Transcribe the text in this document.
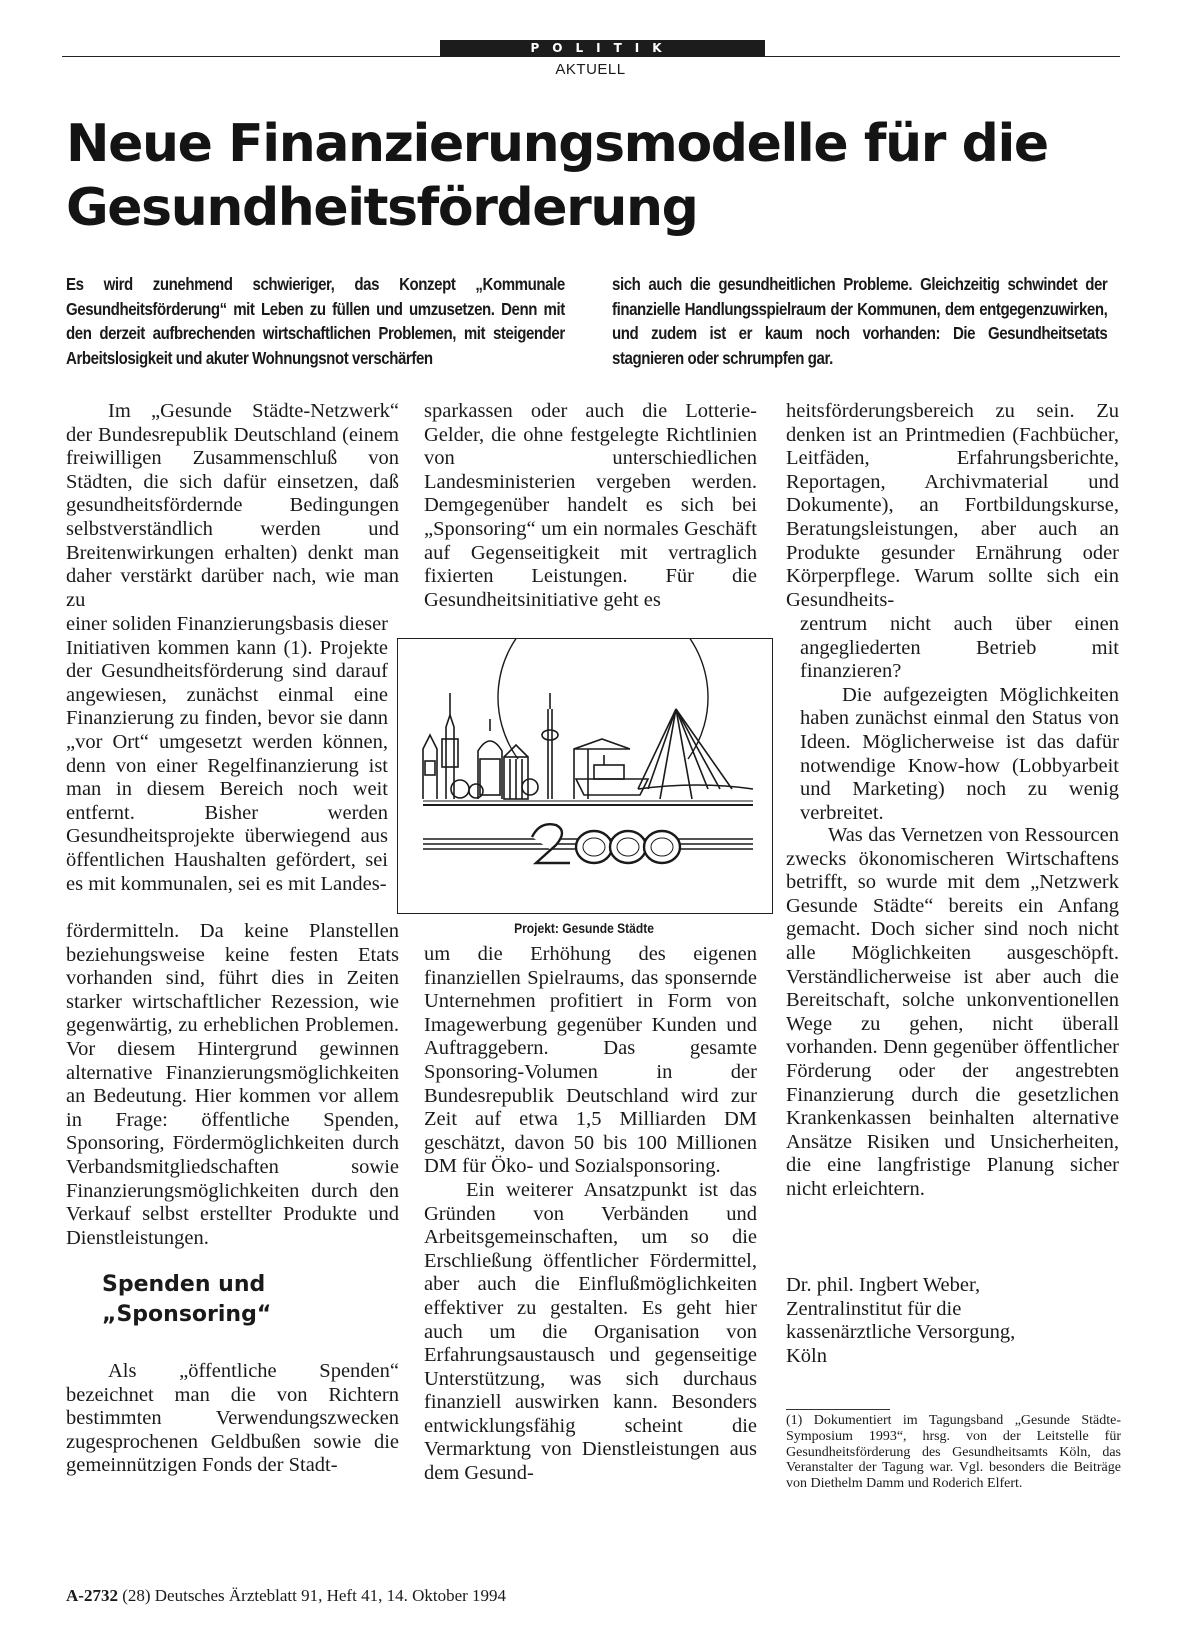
POLITIK
AKTUELL
Neue Finanzierungsmodelle für die Gesundheitsförderung
Es wird zunehmend schwieriger, das Konzept „Kommunale Gesundheitsförderung“ mit Leben zu füllen und umzusetzen. Denn mit den derzeit aufbrechenden wirtschaftlichen Problemen, mit steigender Arbeitslosigkeit und akuter Wohnungsnot verschärfen
sich auch die gesundheitlichen Probleme. Gleichzeitig schwindet der finanzielle Handlungsspielraum der Kommunen, dem entgegenzuwirken, und zudem ist er kaum noch vorhanden: Die Gesundheitsetats stagnieren oder schrumpfen gar.

Im „Gesunde Städte-Netzwerk“ der Bundesrepublik Deutschland (einem freiwilligen Zusammenschluß von Städten, die sich dafür einsetzen, daß gesundheitsfördernde Bedingungen selbstverständlich werden und Breitenwirkungen erhalten) denkt man daher verstärkt darüber nach, wie man zu

einer soliden Finanzierungsbasis dieser Initiativen kommen kann (1). Projekte der Gesundheitsförderung sind darauf angewiesen, zunächst einmal eine Finanzierung zu finden, bevor sie dann „vor Ort“ umgesetzt werden können, denn von einer Regelfinanzierung ist man in diesem Bereich noch weit entfernt. Bisher werden Gesundheitsprojekte überwiegend aus öffentlichen Haushalten gefördert, sei es mit kommunalen, sei es mit Landes-

fördermitteln. Da keine Planstellen beziehungsweise keine festen Etats vorhanden sind, führt dies in Zeiten starker wirtschaftlicher Rezession, wie gegenwärtig, zu erheblichen Problemen. Vor diesem Hintergrund gewinnen alternative Finanzierungsmöglichkeiten an Bedeutung. Hier kommen vor allem in Frage: öffentliche Spenden, Sponsoring, Fördermöglichkeiten durch Verbandsmitgliedschaften sowie Finanzierungsmöglichkeiten durch den Verkauf selbst erstellter Produkte und Dienstleistungen.

Spenden und „Sponsoring“

Als „öffentliche Spenden“ bezeichnet man die von Richtern bestimmten Verwendungszwecken zugesprochenen Geldbußen sowie die gemeinnützigen Fonds der Stadt-

sparkassen oder auch die Lotterie-Gelder, die ohne festgelegte Richtlinien von unterschiedlichen Landesministerien vergeben werden. Demgegenüber handelt es sich bei „Sponsoring“ um ein normales Geschäft auf Gegenseitigkeit mit vertraglich fixierten Leistungen. Für die Gesundheitsinitiative geht es

Projekt: Gesunde Städte

um die Erhöhung des eigenen finanziellen Spielraums, das sponsernde Unternehmen profitiert in Form von Imagewerbung gegenüber Kunden und Auftraggebern. Das gesamte Sponsoring-Volumen in der Bundesrepublik Deutschland wird zur Zeit auf etwa 1,5 Milliarden DM geschätzt, davon 50 bis 100 Millionen DM für Öko- und Sozialsponsoring.

Ein weiterer Ansatzpunkt ist das Gründen von Verbänden und Arbeitsgemeinschaften, um so die Erschließung öffentlicher Fördermittel, aber auch die Einflußmöglichkeiten effektiver zu gestalten. Es geht hier auch um die Organisation von Erfahrungsaustausch und gegenseitige Unterstützung, was sich durchaus finanziell auswirken kann. Besonders entwicklungsfähig scheint die Vermarktung von Dienstleistungen aus dem Gesund-

heitsförderungsbereich zu sein. Zu denken ist an Printmedien (Fachbücher, Leitfäden, Erfahrungsberichte, Reportagen, Archivmaterial und Dokumente), an Fortbildungskurse, Beratungsleistungen, aber auch an Produkte gesunder Ernährung oder Körperpflege. Warum sollte sich ein Gesundheits-

zentrum nicht auch über einen angegliederten Betrieb mit finanzieren?

Die aufgezeigten Möglichkeiten haben zunächst einmal den Status von Ideen. Möglicherweise ist das dafür notwendige Know-how (Lobbyarbeit und Marketing) noch zu wenig verbreitet.

Was das Vernetzen von Ressourcen zwecks ökonomischeren Wirtschaftens betrifft, so wurde mit dem „Netzwerk Gesunde Städte“ bereits ein Anfang gemacht. Doch sicher sind noch nicht alle Möglichkeiten ausgeschöpft. Verständlicherweise ist aber auch die Bereitschaft, solche unkonventionellen Wege zu gehen, nicht überall vorhanden. Denn gegenüber öffentlicher Förderung oder der angestrebten Finanzierung durch die gesetzlichen Krankenkassen beinhalten alternative Ansätze Risiken und Unsicherheiten, die eine langfristige Planung sicher nicht erleichtern.

Dr. phil. Ingbert Weber,
Zentralinstitut für die
kassenärztliche Versorgung,
Köln
(1) Dokumentiert im Tagungsband „Gesunde Städte-Symposium 1993“, hrsg. von der Leitstelle für Gesundheitsförderung des Gesundheitsamts Köln, das Veranstalter der Tagung war. Vgl. besonders die Beiträge von Diethelm Damm und Roderich Elfert.
A-2732 (28) Deutsches Ärzteblatt 91, Heft 41, 14. Oktober 1994
